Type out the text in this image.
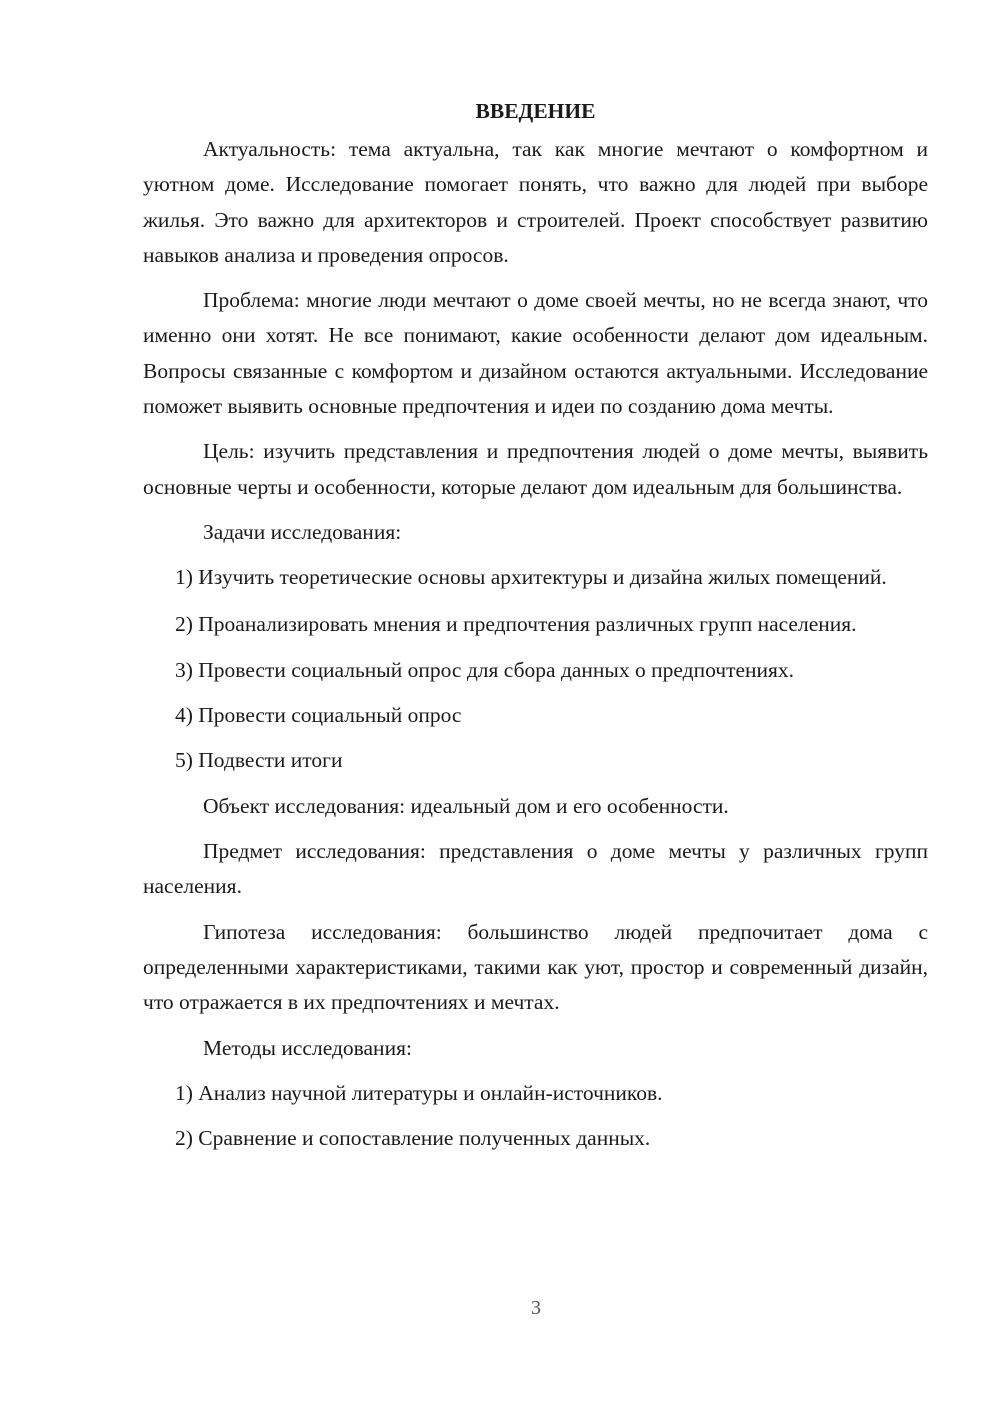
ВВЕДЕНИЕ

Актуальность: тема актуальна, так как многие мечтают о комфортном и уютном доме. Исследование помогает понять, что важно для людей при выборе жилья. Это важно для архитекторов и строителей. Проект способствует развитию навыков анализа и проведения опросов.

Проблема: многие люди мечтают о доме своей мечты, но не всегда знают, что именно они хотят. Не все понимают, какие особенности делают дом идеальным. Вопросы связанные с комфортом и дизайном остаются актуальными. Исследование поможет выявить основные предпочтения и идеи по созданию дома мечты.

Цель: изучить представления и предпочтения людей о доме мечты, выявить основные черты и особенности, которые делают дом идеальным для большинства.

Задачи исследования:

1) Изучить теоретические основы архитектуры и дизайна жилых помещений.

2) Проанализировать мнения и предпочтения различных групп населения.

3) Провести социальный опрос для сбора данных о предпочтениях.

4) Провести социальный опрос

5) Подвести итоги

Объект исследования: идеальный дом и его особенности.

Предмет исследования: представления о доме мечты у различных групп населения.

Гипотеза исследования: большинство людей предпочитает дома с определенными характеристиками, такими как уют, простор и современный дизайн, что отражается в их предпочтениях и мечтах.

Методы исследования:

1) Анализ научной литературы и онлайн-источников.

2) Сравнение и сопоставление полученных данных.

3
